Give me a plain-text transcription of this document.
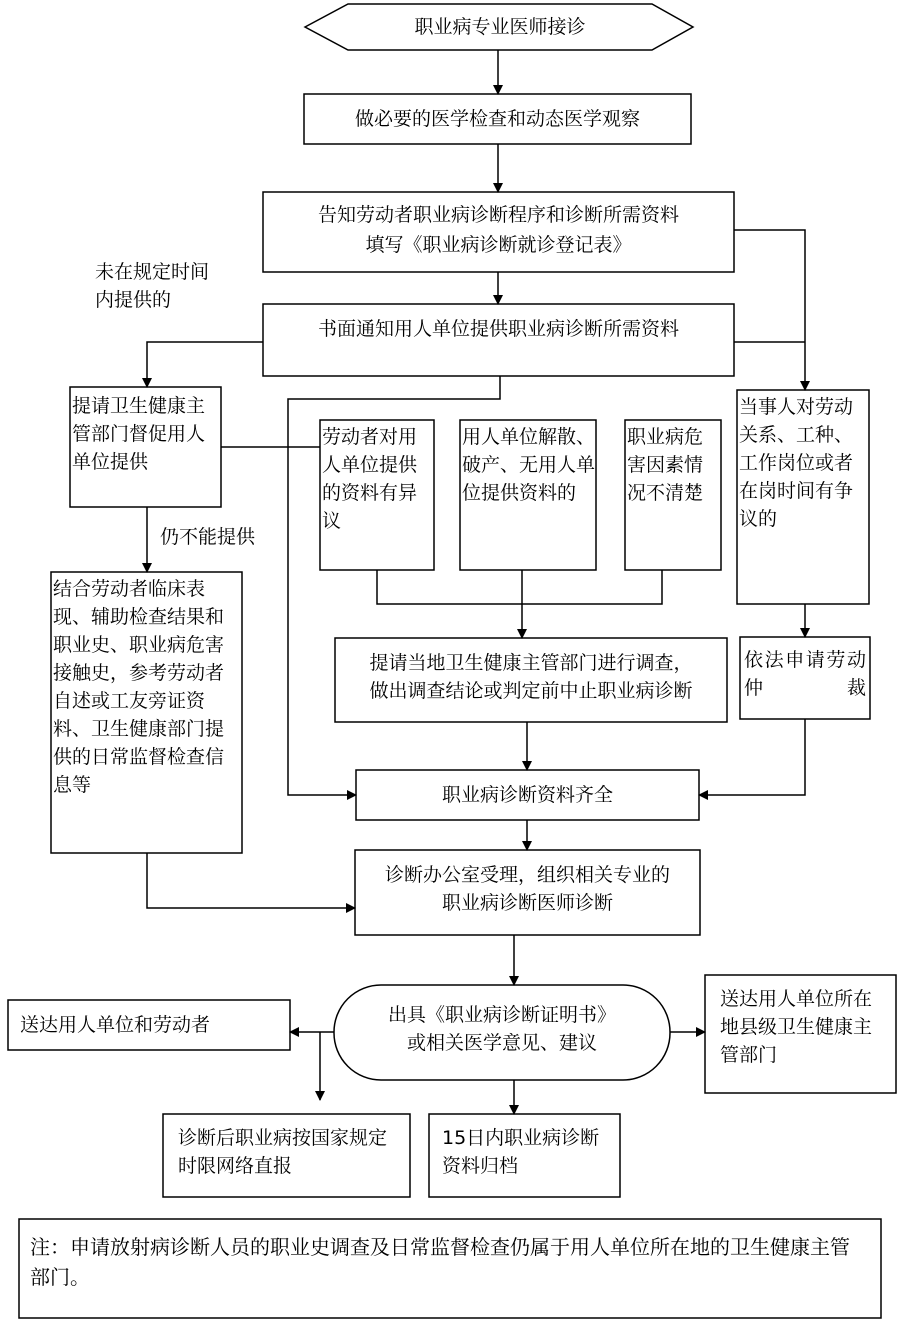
职业病专业医师接诊
做必要的医学检查和动态医学观察
告知劳动者职业病诊断程序和诊断所需资料
填写《职业病诊断就诊登记表》
书面通知用人单位提供职业病诊断所需资料
提请卫生健康主管部门督促用人单位提供
劳动者对用人单位提供的资料有异议
用人单位解散、破产、无用人单位提供资料的
职业病危害因素情况不清楚
当事人对劳动关系、工种、工作岗位或者在岗时间有争议的
结合劳动者临床表现、辅助检查结果和职业史、职业病危害接触史，参考劳动者自述或工友旁证资料、卫生健康部门提供的日常监督检查信息等
提请当地卫生健康主管部门进行调查，
做出调查结论或判定前中止职业病诊断
依法申请劳动仲裁
职业病诊断资料齐全
诊断办公室受理，组织相关专业的
职业病诊断医师诊断
出具《职业病诊断证明书》
或相关医学意见、建议
送达用人单位和劳动者
送达用人单位所在地县级卫生健康主管部门
诊断后职业病按国家规定时限网络直报
15日内职业病诊断资料归档
未在规定时间内提供的
仍不能提供
注：申请放射病诊断人员的职业史调查及日常监督检查仍属于用人单位所在地的卫生健康主管部门。
